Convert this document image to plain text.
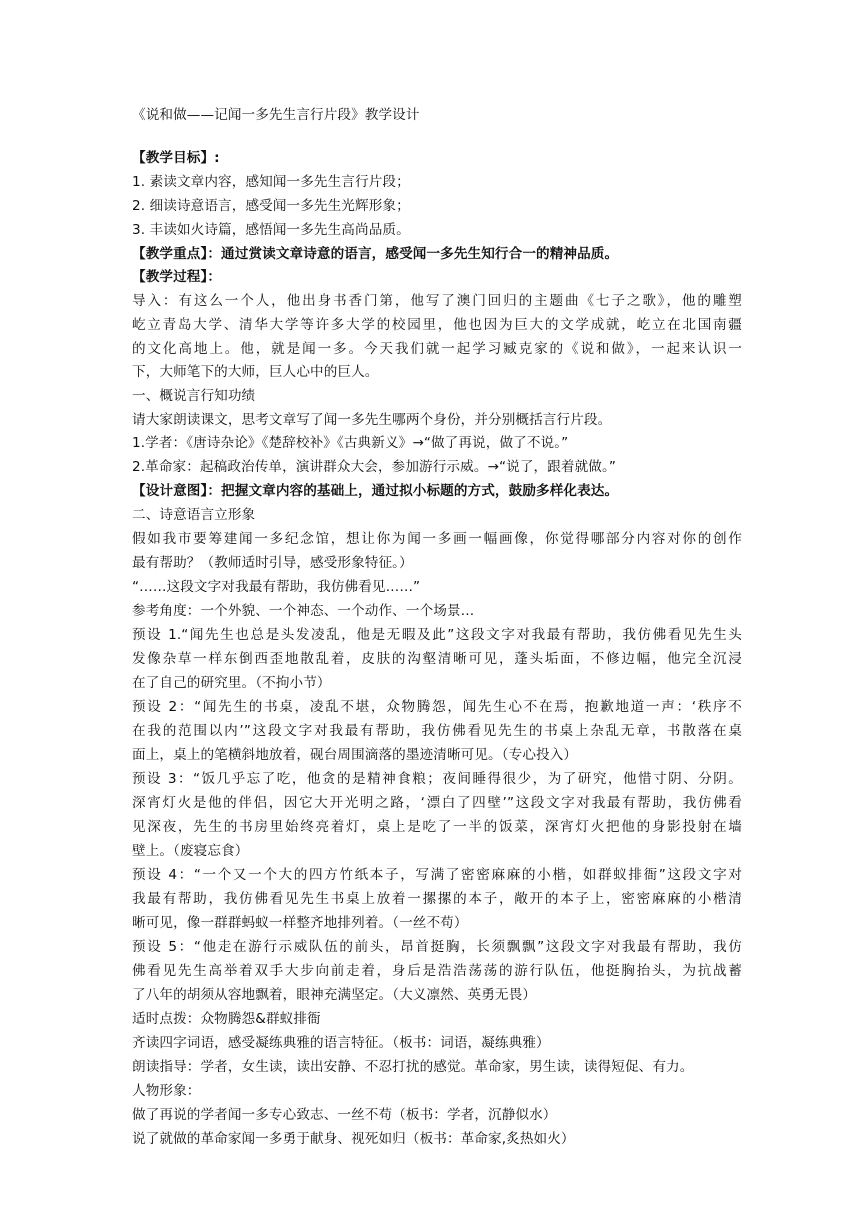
《说和做——记闻一多先生言行片段》教学设计
【教学目标】:
1. 素读文章内容，感知闻一多先生言行片段；
2. 细读诗意语言，感受闻一多先生光辉形象；
3. 丰读如火诗篇，感悟闻一多先生高尚品质。
【教学重点】：通过赏读文章诗意的语言，感受闻一多先生知行合一的精神品质。
【教学过程】：
导入：有这么一个人，他出身书香门第，他写了澳门回归的主题曲《七子之歌》，他的雕塑
屹立青岛大学、清华大学等许多大学的校园里，他也因为巨大的文学成就，屹立在北国南疆
的文化高地上。他，就是闻一多。今天我们就一起学习臧克家的《说和做》，一起来认识一
下，大师笔下的大师，巨人心中的巨人。
一、概说言行知功绩
请大家朗读课文，思考文章写了闻一多先生哪两个身份，并分别概括言行片段。
1.学者：《唐诗杂论》《楚辞校补》《古典新义》→“做了再说，做了不说。”
2.革命家：起稿政治传单，演讲群众大会，参加游行示威。→“说了，跟着就做。”
【设计意图】：把握文章内容的基础上，通过拟小标题的方式，鼓励多样化表达。
二、诗意语言立形象
假如我市要筹建闻一多纪念馆，想让你为闻一多画一幅画像，你觉得哪部分内容对你的创作
最有帮助？（教师适时引导，感受形象特征。）
“……这段文字对我最有帮助，我仿佛看见……”
参考角度：一个外貌、一个神态、一个动作、一个场景…
预设 1.“闻先生也总是头发凌乱，他是无暇及此”这段文字对我最有帮助，我仿佛看见先生头
发像杂草一样东倒西歪地散乱着，皮肤的沟壑清晰可见，蓬头垢面，不修边幅，他完全沉浸
在了自己的研究里。（不拘小节）
预设 2：“闻先生的书桌，凌乱不堪，众物腾怨，闻先生心不在焉，抱歉地道一声：‘秩序不
在我的范围以内’”这段文字对我最有帮助，我仿佛看见先生的书桌上杂乱无章，书散落在桌
面上，桌上的笔横斜地放着，砚台周围滴落的墨迹清晰可见。（专心投入）
预设 3：“饭几乎忘了吃，他贪的是精神食粮；夜间睡得很少，为了研究，他惜寸阴、分阴。
深宵灯火是他的伴侣，因它大开光明之路，‘漂白了四壁’”这段文字对我最有帮助，我仿佛看
见深夜，先生的书房里始终亮着灯，桌上是吃了一半的饭菜，深宵灯火把他的身影投射在墙
壁上。（废寝忘食）
预设 4：“一个又一个大的四方竹纸本子，写满了密密麻麻的小楷，如群蚁排衙”这段文字对
我最有帮助，我仿佛看见先生书桌上放着一摞摞的本子，敞开的本子上，密密麻麻的小楷清
晰可见，像一群群蚂蚁一样整齐地排列着。（一丝不苟）
预设 5：“他走在游行示威队伍的前头，昂首挺胸，长须飘飘”这段文字对我最有帮助，我仿
佛看见先生高举着双手大步向前走着，身后是浩浩荡荡的游行队伍，他挺胸抬头，为抗战蓄
了八年的胡须从容地飘着，眼神充满坚定。（大义凛然、英勇无畏）
适时点拨：众物腾怨&群蚁排衙
齐读四字词语，感受凝练典雅的语言特征。（板书：词语，凝练典雅）
朗读指导：学者，女生读，读出安静、不忍打扰的感觉。革命家，男生读，读得短促、有力。
人物形象：
做了再说的学者闻一多专心致志、一丝不苟（板书：学者，沉静似水）
说了就做的革命家闻一多勇于献身、视死如归（板书：革命家,炙热如火）
